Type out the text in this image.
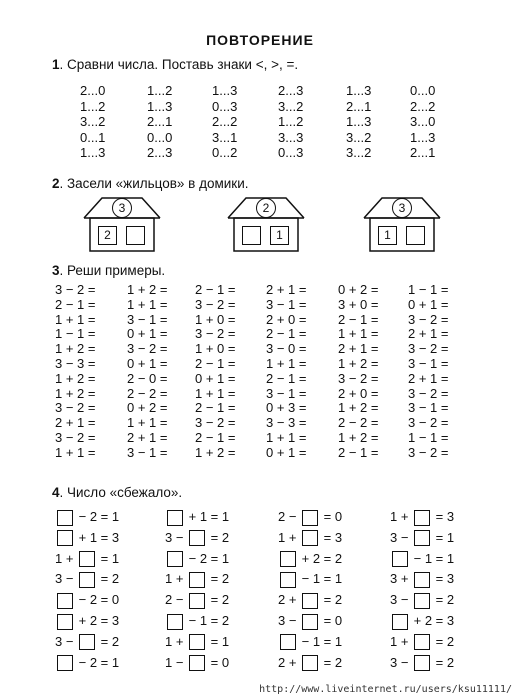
ПОВТОРЕНИЕ
1. Сравни числа. Поставь знаки <, >, =.
2...0	1...2	1...3	2...3	1...3	0...0
1...2	1...3	0...3	3...2	2...1	2...2
3...2	2...1	2...2	1...2	1...3	3...0
0...1	0...0	3...1	3...3	3...2	1...3
1...3	2...3	0...2	0...3	3...2	2...1
2. Засели «жильцов» в домики.
3
2
2
1
3
1
3. Реши примеры.
3 − 2 = 1 + 2 = 2 − 1 = 2 + 1 = 0 + 2 = 1 − 1 =
2 − 1 = 1 + 1 = 3 − 2 = 3 − 1 = 3 + 0 = 0 + 1 =
1 + 1 = 3 − 1 = 1 + 0 = 2 + 0 = 2 − 1 = 3 − 2 =
1 − 1 = 0 + 1 = 3 − 2 = 2 − 1 = 1 + 1 = 2 + 1 =
1 + 2 = 3 − 2 = 1 + 0 = 3 − 0 = 2 + 1 = 3 − 2 =
3 − 3 = 0 + 1 = 2 − 1 = 1 + 1 = 1 + 2 = 3 − 1 =
1 + 2 = 2 − 0 = 0 + 1 = 2 − 1 = 3 − 2 = 2 + 1 =
1 + 2 = 2 − 2 = 1 + 1 = 3 − 1 = 2 + 0 = 3 − 2 =
3 − 2 = 0 + 2 = 2 − 1 = 0 + 3 = 1 + 2 = 3 − 1 =
2 + 1 = 1 + 1 = 3 − 2 = 3 − 3 = 2 − 2 = 3 − 2 =
3 − 2 = 2 + 1 = 2 − 1 = 1 + 1 = 1 + 2 = 1 − 1 =
1 + 1 = 3 − 1 = 1 + 2 = 0 + 1 = 2 − 1 = 3 − 2 =
4. Число «сбежало».
− 2 = 1	+ 1 = 1	2 −  = 0	1 +  = 3
+ 1 = 3	3 −  = 2	1 +  = 3	3 −  = 1
1 +  = 1	− 2 = 1	+ 2 = 2	− 1 = 1
3 −  = 2	1 +  = 2	− 1 = 1	3 +  = 3
− 2 = 0	2 −  = 2	2 +  = 2	3 −  = 2
+ 2 = 3	− 1 = 2	3 −  = 0	+ 2 = 3
3 −  = 2	1 +  = 1	− 1 = 1	1 +  = 2
− 2 = 1	1 −  = 0	2 +  = 2	3 −  = 2
http://www.liveinternet.ru/users/ksu11111/
